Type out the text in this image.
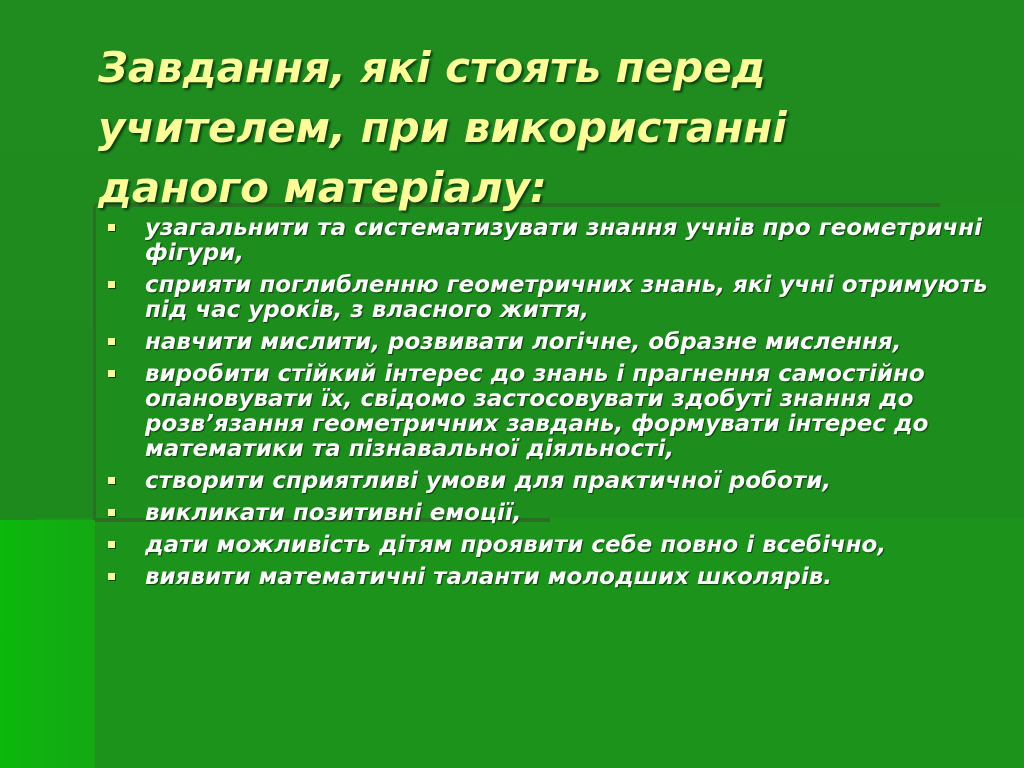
Завдання, які стоять перед
учителем, при використанні
даного матеріалу:
узагальнити та систематизувати знання учнів про геометричні фігури,
сприяти поглибленню геометричних знань, які учні отримують під час уроків, з власного життя,
навчити мислити, розвивати логічне, образне мислення,
виробити стійкий інтерес до знань і прагнення самостійно опановувати їх, свідомо застосовувати здобуті знання до розв’язання геометричних завдань, формувати інтерес до математики та пізнавальної діяльності,
створити сприятливі умови для практичної роботи,
викликати позитивні емоції,
дати можливість дітям проявити себе повно і всебічно,
виявити математичні таланти молодших школярів.
